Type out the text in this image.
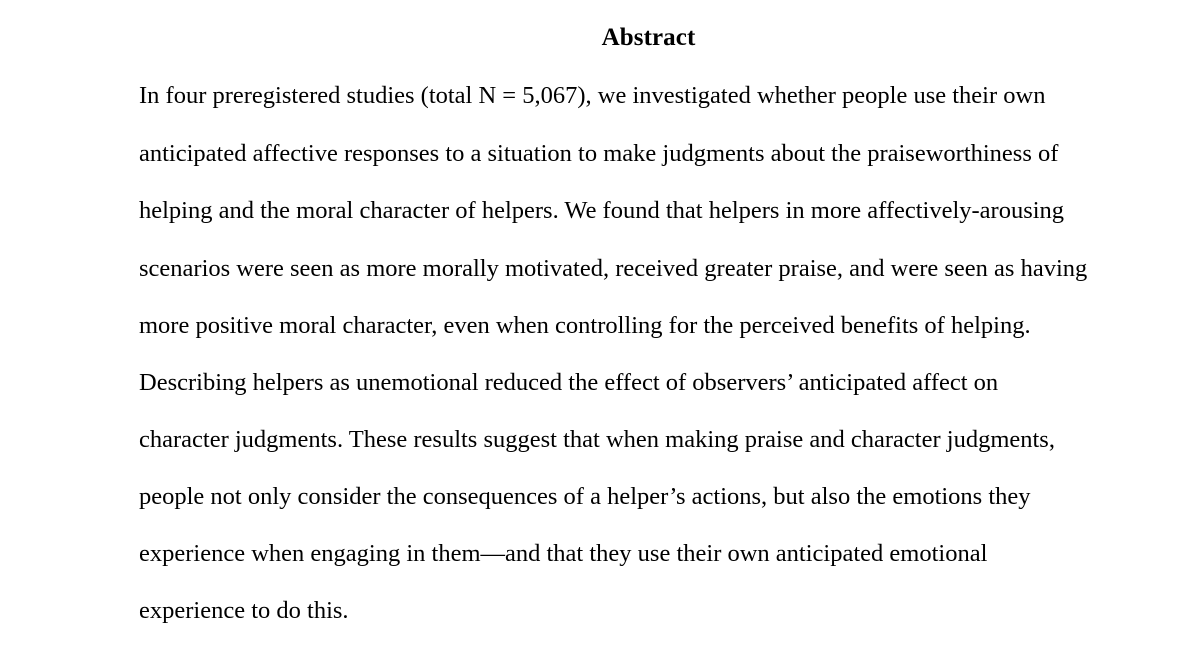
Abstract
In four preregistered studies (total N = 5,067), we investigated whether people use their own
anticipated affective responses to a situation to make judgments about the praiseworthiness of
helping and the moral character of helpers. We found that helpers in more affectively-arousing
scenarios were seen as more morally motivated, received greater praise, and were seen as having
more positive moral character, even when controlling for the perceived benefits of helping.
Describing helpers as unemotional reduced the effect of observers’ anticipated affect on
character judgments. These results suggest that when making praise and character judgments,
people not only consider the consequences of a helper’s actions, but also the emotions they
experience when engaging in them—and that they use their own anticipated emotional
experience to do this.
